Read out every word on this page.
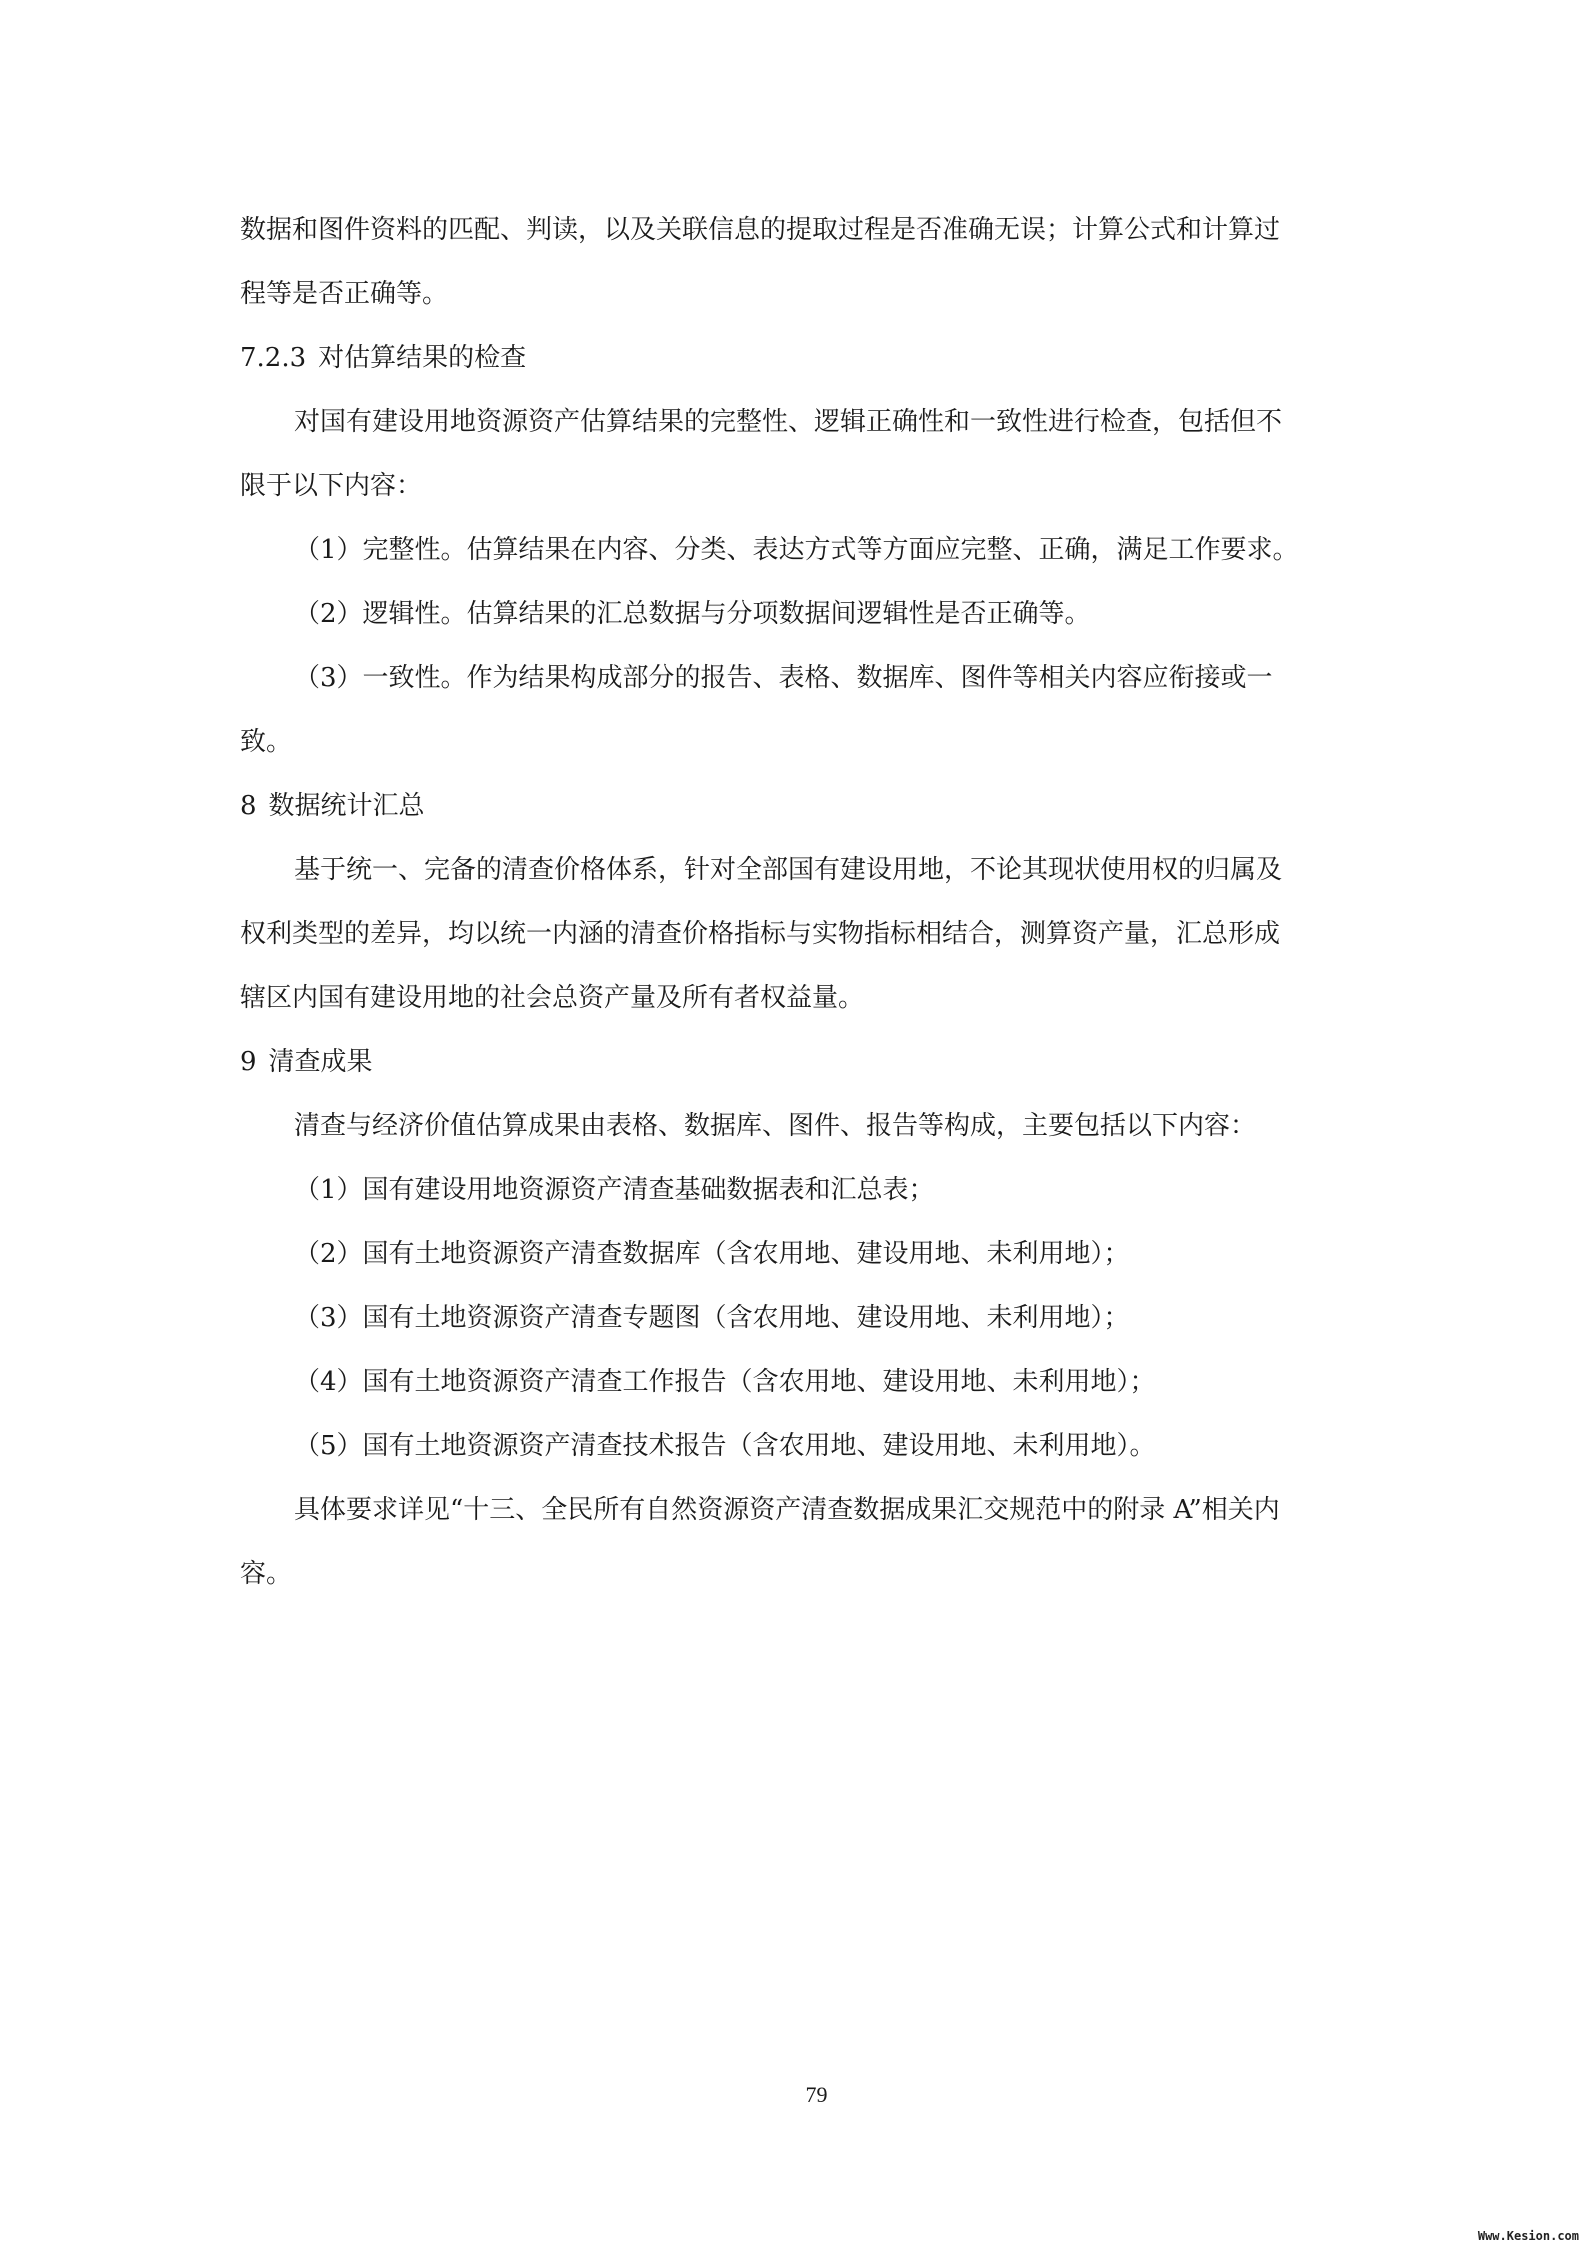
数据和图件资料的匹配、判读，以及关联信息的提取过程是否准确无误；计算公式和计算过

程等是否正确等。

7.2.3 对估算结果的检查

对国有建设用地资源资产估算结果的完整性、逻辑正确性和一致性进行检查，包括但不

限于以下内容：

（1）完整性。估算结果在内容、分类、表达方式等方面应完整、正确，满足工作要求。

（2）逻辑性。估算结果的汇总数据与分项数据间逻辑性是否正确等。

（3）一致性。作为结果构成部分的报告、表格、数据库、图件等相关内容应衔接或一

致。

8 数据统计汇总

基于统一、完备的清查价格体系，针对全部国有建设用地，不论其现状使用权的归属及

权利类型的差异，均以统一内涵的清查价格指标与实物指标相结合，测算资产量，汇总形成

辖区内国有建设用地的社会总资产量及所有者权益量。

9 清查成果

清查与经济价值估算成果由表格、数据库、图件、报告等构成，主要包括以下内容：

（1）国有建设用地资源资产清查基础数据表和汇总表；

（2）国有土地资源资产清查数据库（含农用地、建设用地、未利用地）；

（3）国有土地资源资产清查专题图（含农用地、建设用地、未利用地）；

（4）国有土地资源资产清查工作报告（含农用地、建设用地、未利用地）；

（5）国有土地资源资产清查技术报告（含农用地、建设用地、未利用地）。

具体要求详见“十三、全民所有自然资源资产清查数据成果汇交规范中的附录 A”相关内

容。

79
Www.Kesion.com
